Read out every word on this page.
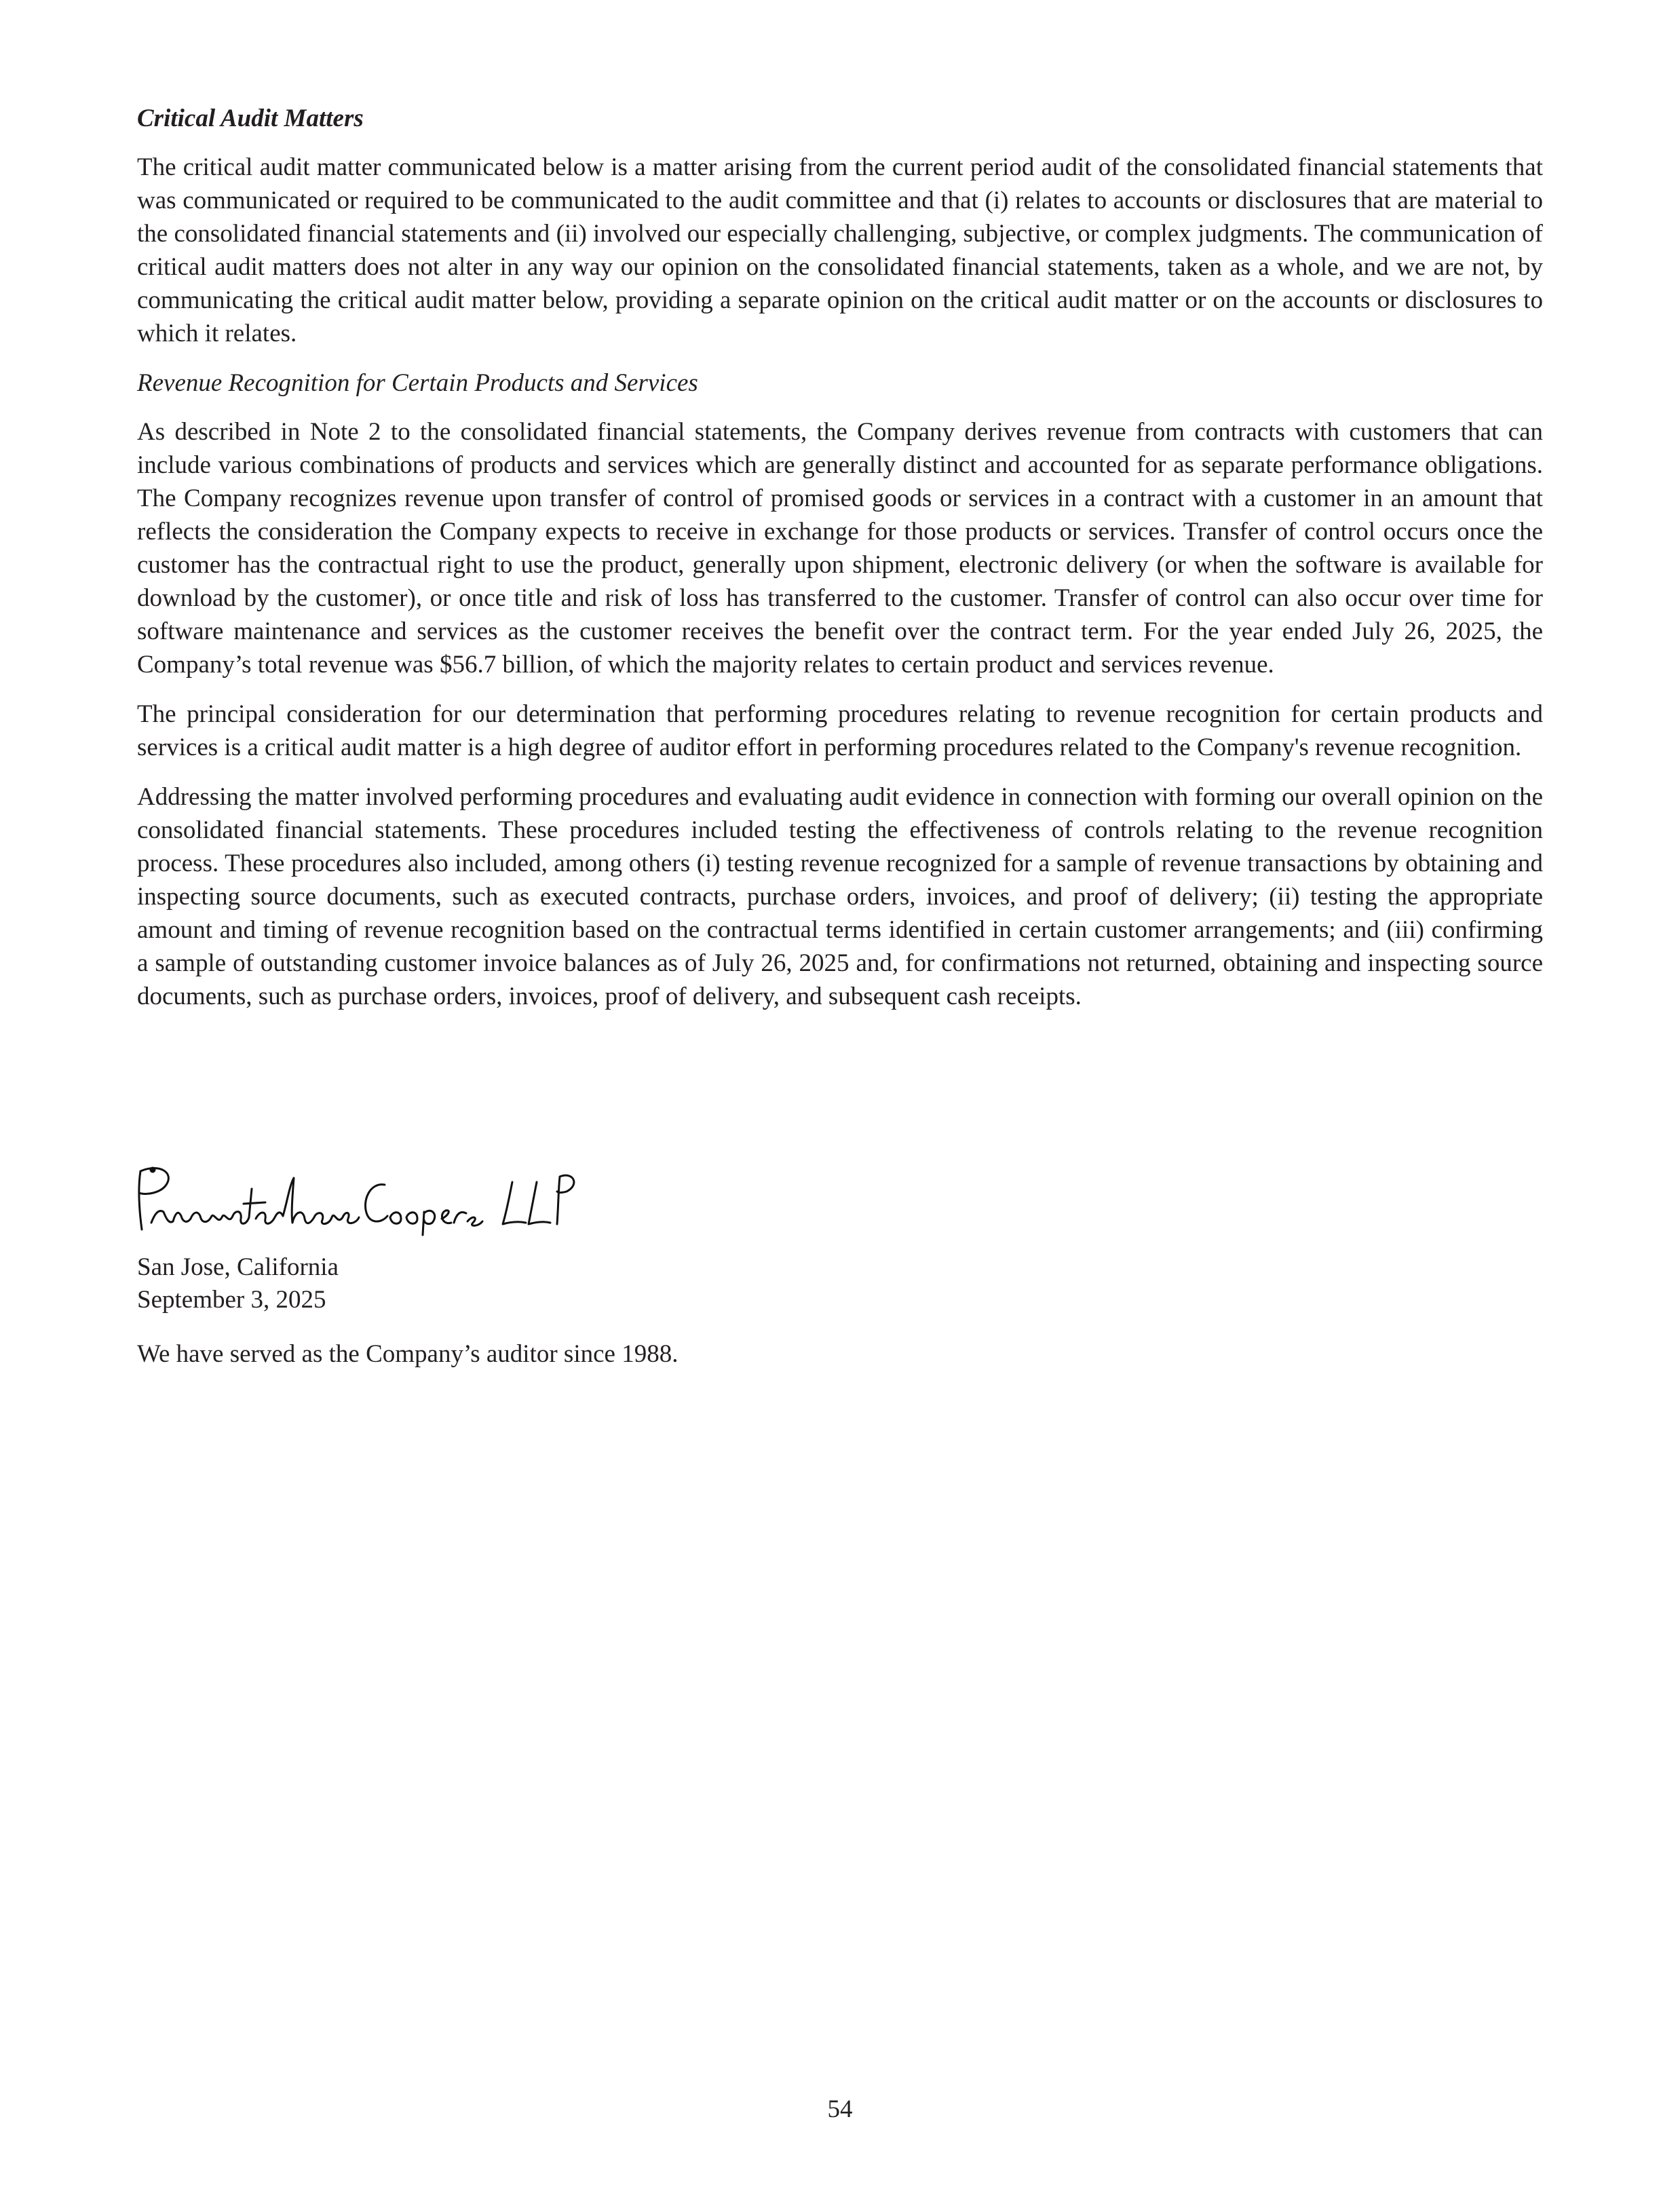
Critical Audit Matters

The critical audit matter communicated below is a matter arising from the current period audit of the consolidated financial statements that was communicated or required to be communicated to the audit committee and that (i) relates to accounts or disclosures that are material to the consolidated financial statements and (ii) involved our especially challenging, subjective, or complex judgments. The communication of critical audit matters does not alter in any way our opinion on the consolidated financial statements, taken as a whole, and we are not, by communicating the critical audit matter below, providing a separate opinion on the critical audit matter or on the accounts or disclosures to which it relates.

Revenue Recognition for Certain Products and Services

As described in Note 2 to the consolidated financial statements, the Company derives revenue from contracts with customers that can include various combinations of products and services which are generally distinct and accounted for as separate performance obligations. The Company recognizes revenue upon transfer of control of promised goods or services in a contract with a customer in an amount that reflects the consideration the Company expects to receive in exchange for those products or services. Transfer of control occurs once the customer has the contractual right to use the product, generally upon shipment, electronic delivery (or when the software is available for download by the customer), or once title and risk of loss has transferred to the customer. Transfer of control can also occur over time for software maintenance and services as the customer receives the benefit over the contract term. For the year ended July 26, 2025, the Company’s total revenue was $56.7 billion, of which the majority relates to certain product and services revenue.

The principal consideration for our determination that performing procedures relating to revenue recognition for certain products and services is a critical audit matter is a high degree of auditor effort in performing procedures related to the Company's revenue recognition.

Addressing the matter involved performing procedures and evaluating audit evidence in connection with forming our overall opinion on the consolidated financial statements. These procedures included testing the effectiveness of controls relating to the revenue recognition process. These procedures also included, among others (i) testing revenue recognized for a sample of revenue transactions by obtaining and inspecting source documents, such as executed contracts, purchase orders, invoices, and proof of delivery; (ii) testing the appropriate amount and timing of revenue recognition based on the contractual terms identified in certain customer arrangements; and (iii) confirming a sample of outstanding customer invoice balances as of July 26, 2025 and, for confirmations not returned, obtaining and inspecting source documents, such as purchase orders, invoices, proof of delivery, and subsequent cash receipts.

San Jose, California
September 3, 2025
We have served as the Company’s auditor since 1988.
54
